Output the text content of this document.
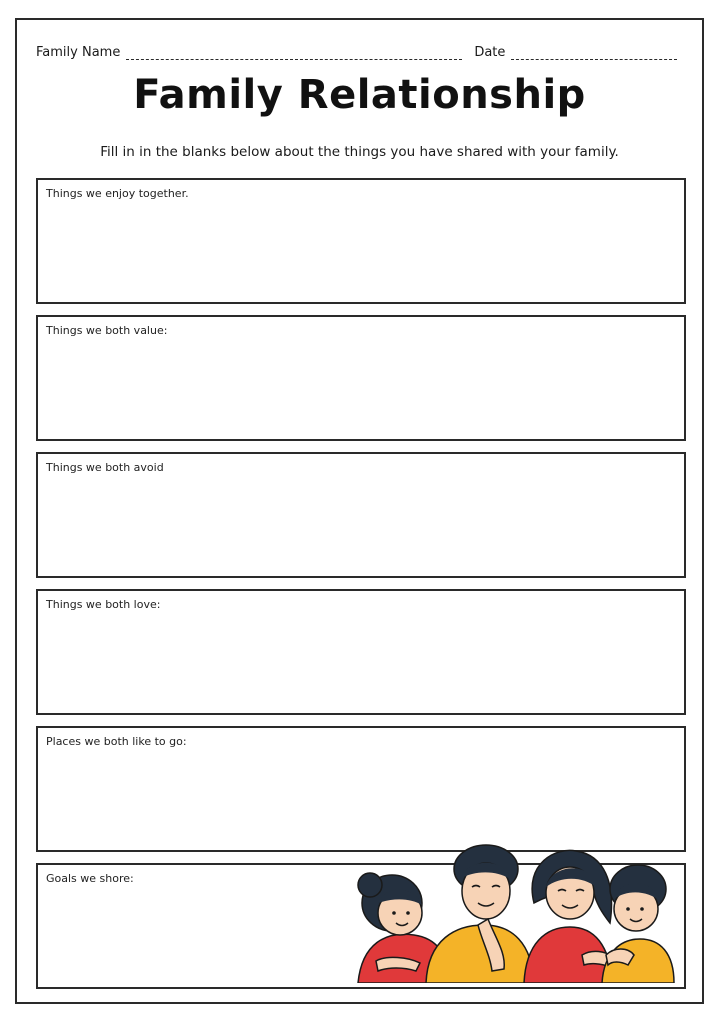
Family Name	Date
Family Relationship
Fill in in the blanks below about the things you have shared with your family.
Things we enjoy together.
Things we both value:
Things we both avoid
Things we both love:
Places we both like to go:
Goals we shore:
